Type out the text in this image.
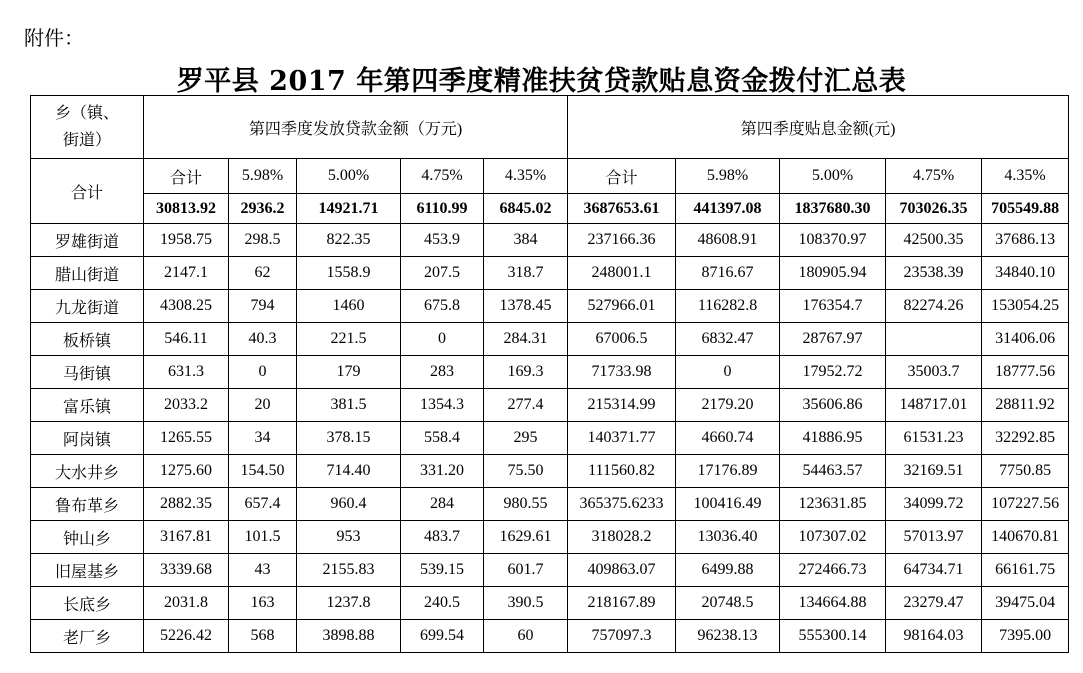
附件：
罗平县 2017 年第四季度精准扶贫贷款贴息资金拨付汇总表
乡（镇、
街道）	第四季度发放贷款金额（万元)					第四季度贴息金额(元)				
合计	合计	5.98%	5.00%	4.75%	4.35%	合计	5.98%	5.00%	4.75%	4.35%
	30813.92	2936.2	14921.71	6110.99	6845.02	3687653.61	441397.08	1837680.30	703026.35	705549.88
罗雄街道	1958.75	298.5	822.35	453.9	384	237166.36	48608.91	108370.97	42500.35	37686.13
腊山街道	2147.1	62	1558.9	207.5	318.7	248001.1	8716.67	180905.94	23538.39	34840.10
九龙街道	4308.25	794	1460	675.8	1378.45	527966.01	116282.8	176354.7	82274.26	153054.25
板桥镇	546.11	40.3	221.5	0	284.31	67006.5	6832.47	28767.97		31406.06
马街镇	631.3	0	179	283	169.3	71733.98	0	17952.72	35003.7	18777.56
富乐镇	2033.2	20	381.5	1354.3	277.4	215314.99	2179.20	35606.86	148717.01	28811.92
阿岗镇	1265.55	34	378.15	558.4	295	140371.77	4660.74	41886.95	61531.23	32292.85
大水井乡	1275.60	154.50	714.40	331.20	75.50	111560.82	17176.89	54463.57	32169.51	7750.85
鲁布革乡	2882.35	657.4	960.4	284	980.55	365375.6233	100416.49	123631.85	34099.72	107227.56
钟山乡	3167.81	101.5	953	483.7	1629.61	318028.2	13036.40	107307.02	57013.97	140670.81
旧屋基乡	3339.68	43	2155.83	539.15	601.7	409863.07	6499.88	272466.73	64734.71	66161.75
长底乡	2031.8	163	1237.8	240.5	390.5	218167.89	20748.5	134664.88	23279.47	39475.04
老厂乡	5226.42	568	3898.88	699.54	60	757097.3	96238.13	555300.14	98164.03	7395.00
